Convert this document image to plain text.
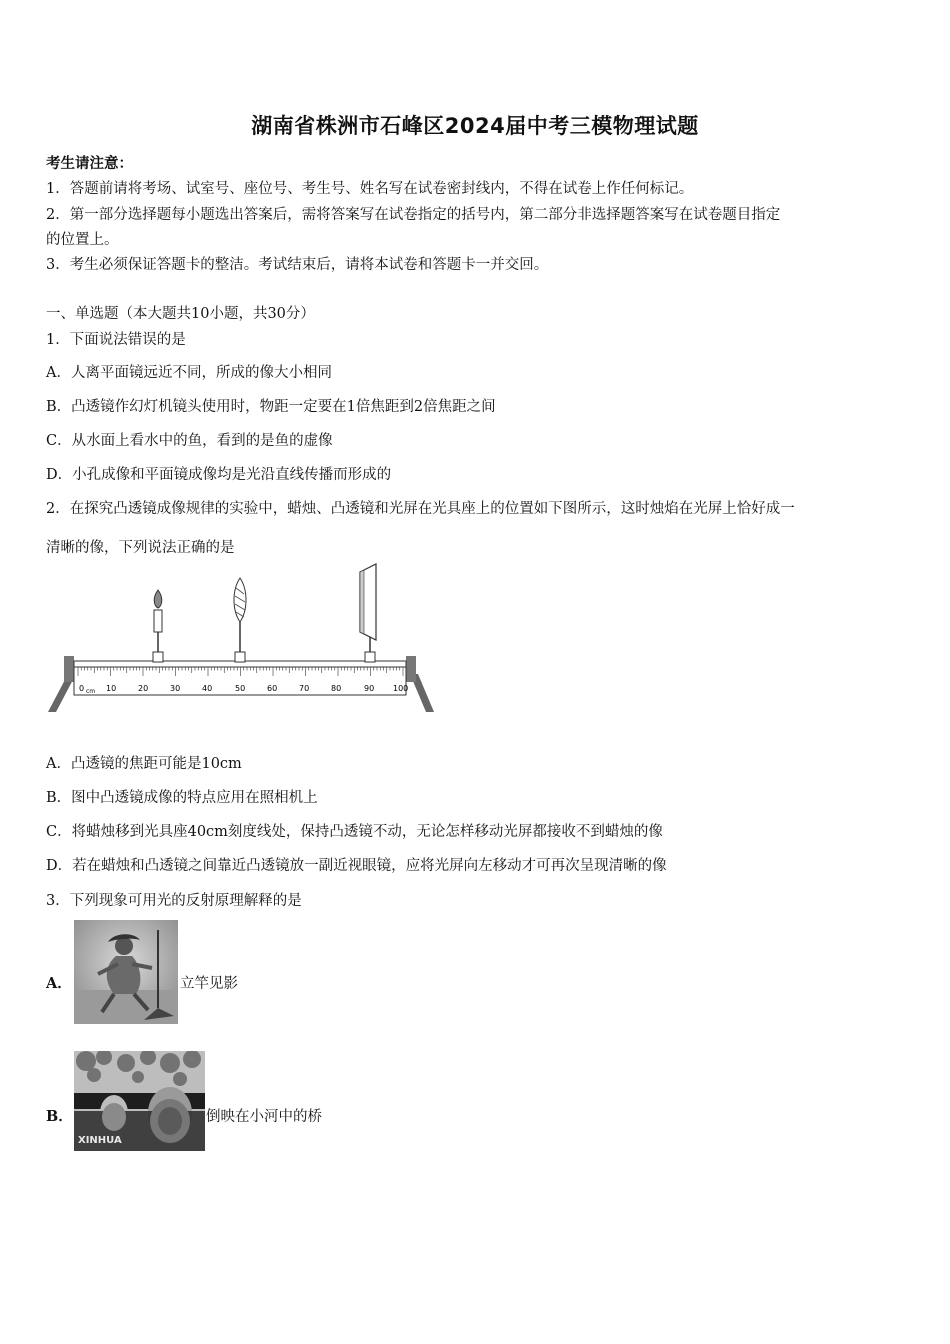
湖南省株洲市石峰区2024届中考三模物理试题
考生请注意：
1．答题前请将考场、试室号、座位号、考生号、姓名写在试卷密封线内，不得在试卷上作任何标记。
2．第一部分选择题每小题选出答案后，需将答案写在试卷指定的括号内，第二部分非选择题答案写在试卷题目指定
的位置上。
3．考生必须保证答题卡的整洁。考试结束后，请将本试卷和答题卡一并交回。
一、单选题（本大题共10小题，共30分）
1．下面说法错误的是
A．人离平面镜远近不同，所成的像大小相同
B．凸透镜作幻灯机镜头使用时，物距一定要在1倍焦距到2倍焦距之间
C．从水面上看水中的鱼，看到的是鱼的虚像
D．小孔成像和平面镜成像均是光沿直线传播而形成的
2．在探究凸透镜成像规律的实验中，蜡烛、凸透镜和光屏在光具座上的位置如下图所示，这时烛焰在光屏上恰好成一
清晰的像，下列说法正确的是
0	10	20	30	40	50	60	70	80	90 100
cm
A．凸透镜的焦距可能是10cm
B．图中凸透镜成像的特点应用在照相机上
C．将蜡烛移到光具座40cm刻度线处，保持凸透镜不动，无论怎样移动光屏都接收不到蜡烛的像
D．若在蜡烛和凸透镜之间靠近凸透镜放一副近视眼镜，应将光屏向左移动才可再次呈现清晰的像
3．下列现象可用光的反射原理解释的是
A．	立竿见影
B．
XINHUA
倒映在小河中的桥
